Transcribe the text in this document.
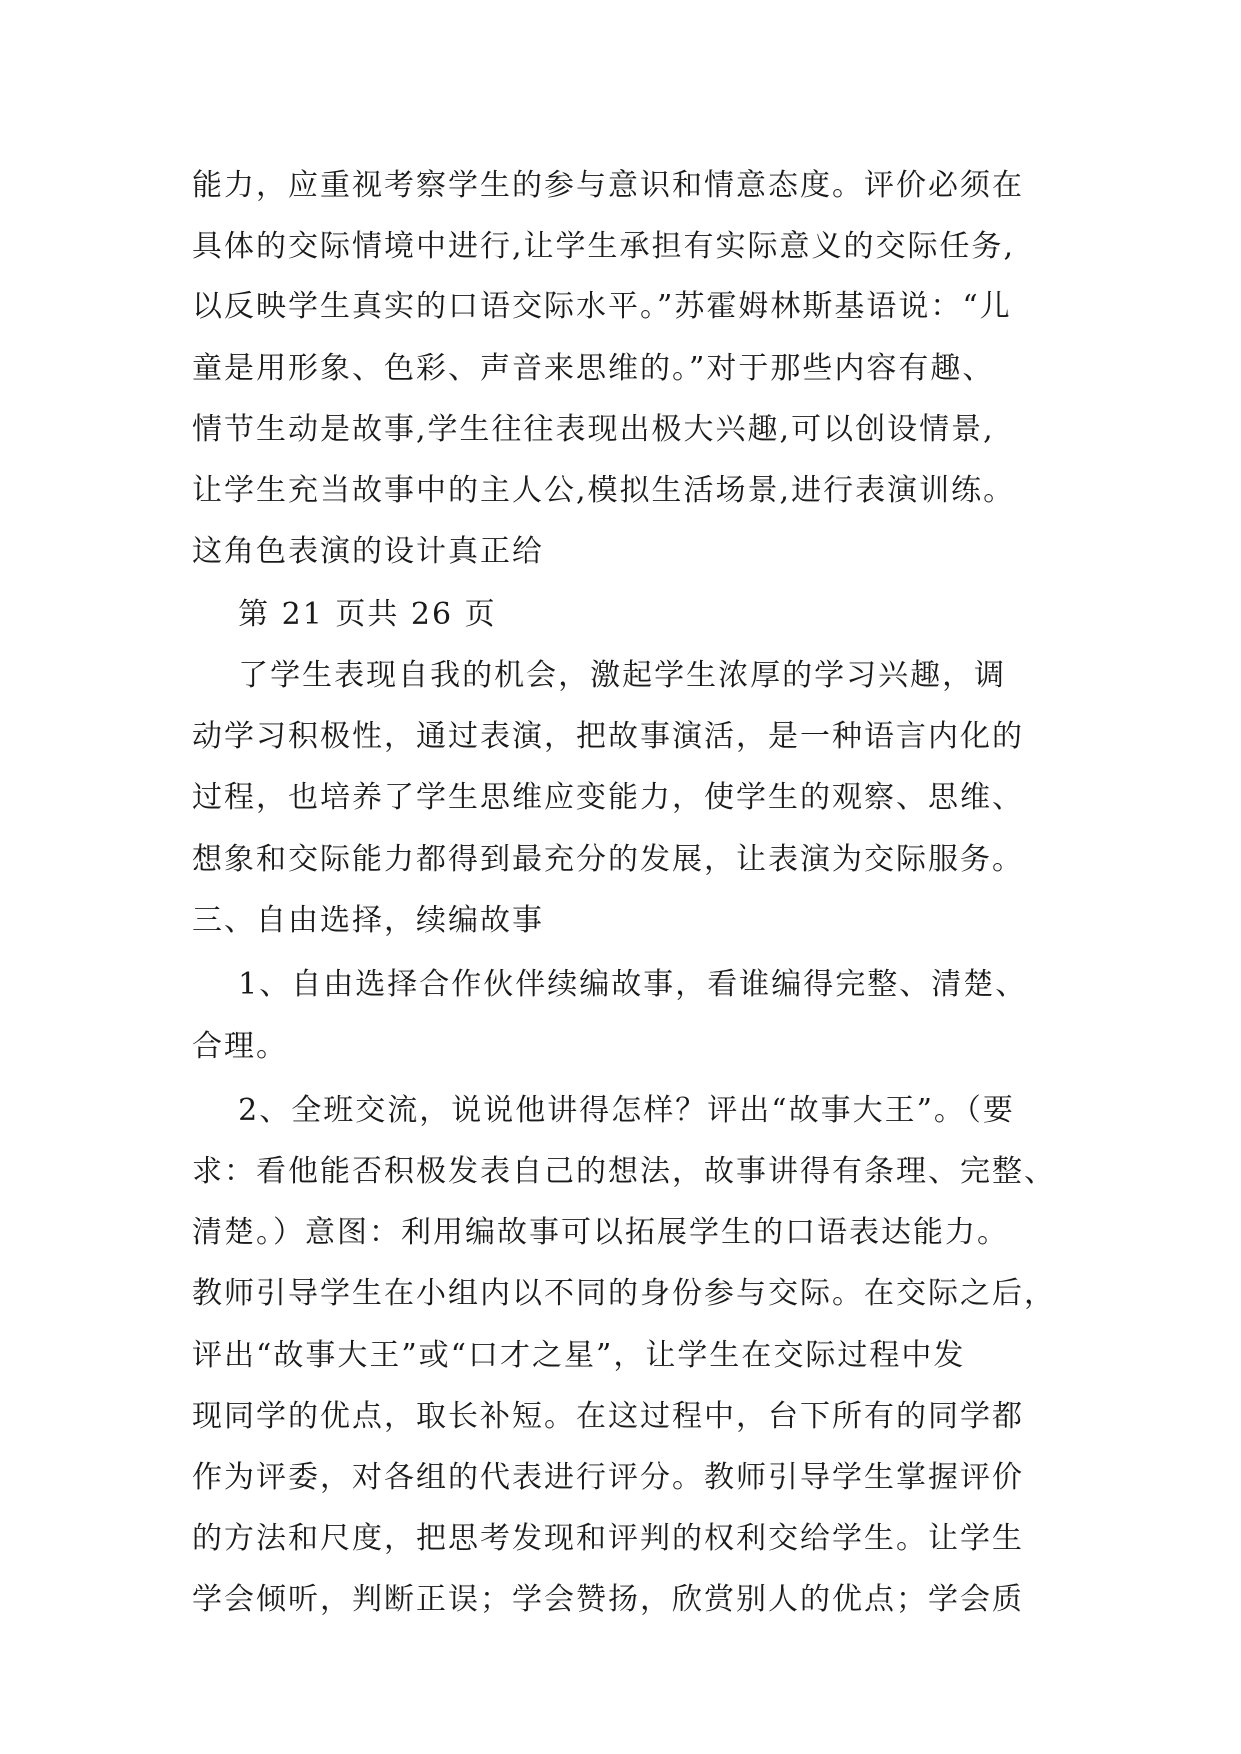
能力，应重视考察学生的参与意识和情意态度。评价必须在
具体的交际情境中进行,让学生承担有实际意义的交际任务,
以反映学生真实的口语交际水平。”苏霍姆林斯基语说：“儿
童是用形象、色彩、声音来思维的。”对于那些内容有趣、
情节生动是故事,学生往往表现出极大兴趣,可以创设情景,
让学生充当故事中的主人公,模拟生活场景,进行表演训练。
这角色表演的设计真正给
第 21 页共 26 页
了学生表现自我的机会，激起学生浓厚的学习兴趣，调
动学习积极性，通过表演，把故事演活，是一种语言内化的
过程，也培养了学生思维应变能力，使学生的观察、思维、
想象和交际能力都得到最充分的发展，让表演为交际服务。
三、自由选择，续编故事
1、自由选择合作伙伴续编故事，看谁编得完整、清楚、
合理。
2、全班交流，说说他讲得怎样？评出“故事大王”。（要
求：看他能否积极发表自己的想法，故事讲得有条理、完整、
清楚。）意图：利用编故事可以拓展学生的口语表达能力。
教师引导学生在小组内以不同的身份参与交际。在交际之后，
评出“故事大王”或“口才之星”，让学生在交际过程中发
现同学的优点，取长补短。在这过程中，台下所有的同学都
作为评委，对各组的代表进行评分。教师引导学生掌握评价
的方法和尺度，把思考发现和评判的权利交给学生。让学生
学会倾听，判断正误；学会赞扬，欣赏别人的优点；学会质
